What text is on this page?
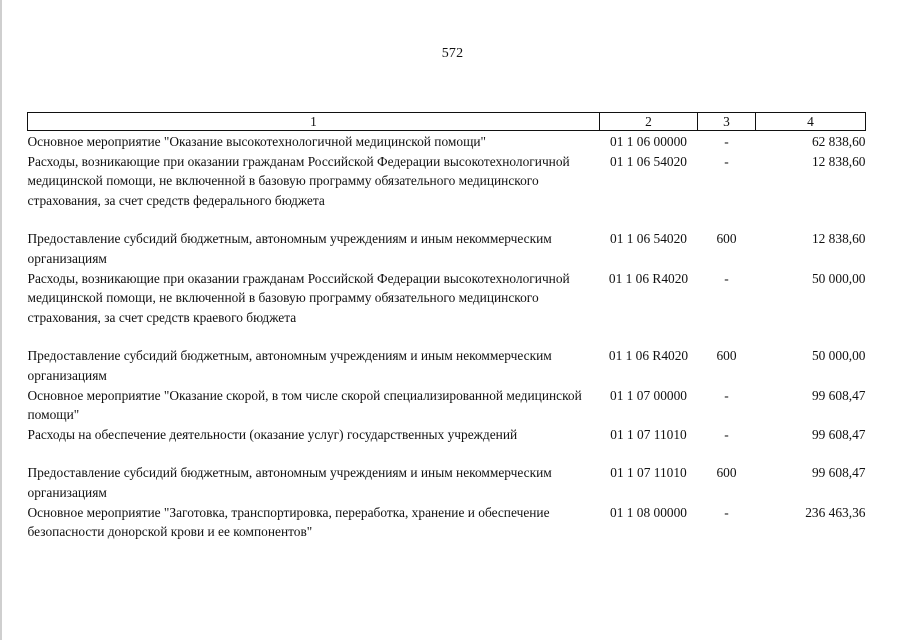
572
1	2	3	4
Основное мероприятие "Оказание высокотехнологичной медицинской помощи"	01 1 06 00000	-	62 838,60
Расходы, возникающие при оказании гражданам Российской Федерации высокотехнологичной медицинской помощи, не включенной в базовую программу обязательного медицинского страхования, за счет средств федерального бюджета	01 1 06 54020	-	12 838,60

Предоставление субсидий бюджетным, автономным учреждениям и иным некоммерческим организациям	01 1 06 54020	600	12 838,60
Расходы, возникающие при оказании гражданам Российской Федерации высокотехнологичной медицинской помощи, не включенной в базовую программу обязательного медицинского страхования, за счет средств краевого бюджета	01 1 06 R4020	-	50 000,00

Предоставление субсидий бюджетным, автономным учреждениям и иным некоммерческим организациям	01 1 06 R4020	600	50 000,00
Основное мероприятие "Оказание скорой, в том числе скорой специализированной медицинской помощи"	01 1 07 00000	-	99 608,47
Расходы на обеспечение деятельности (оказание услуг) государственных учреждений	01 1 07 11010	-	99 608,47

Предоставление субсидий бюджетным, автономным учреждениям и иным некоммерческим организациям	01 1 07 11010	600	99 608,47
Основное мероприятие "Заготовка, транспортировка, переработка, хранение и обеспечение безопасности донорской крови и ее компонентов"	01 1 08 00000	-	236 463,36
